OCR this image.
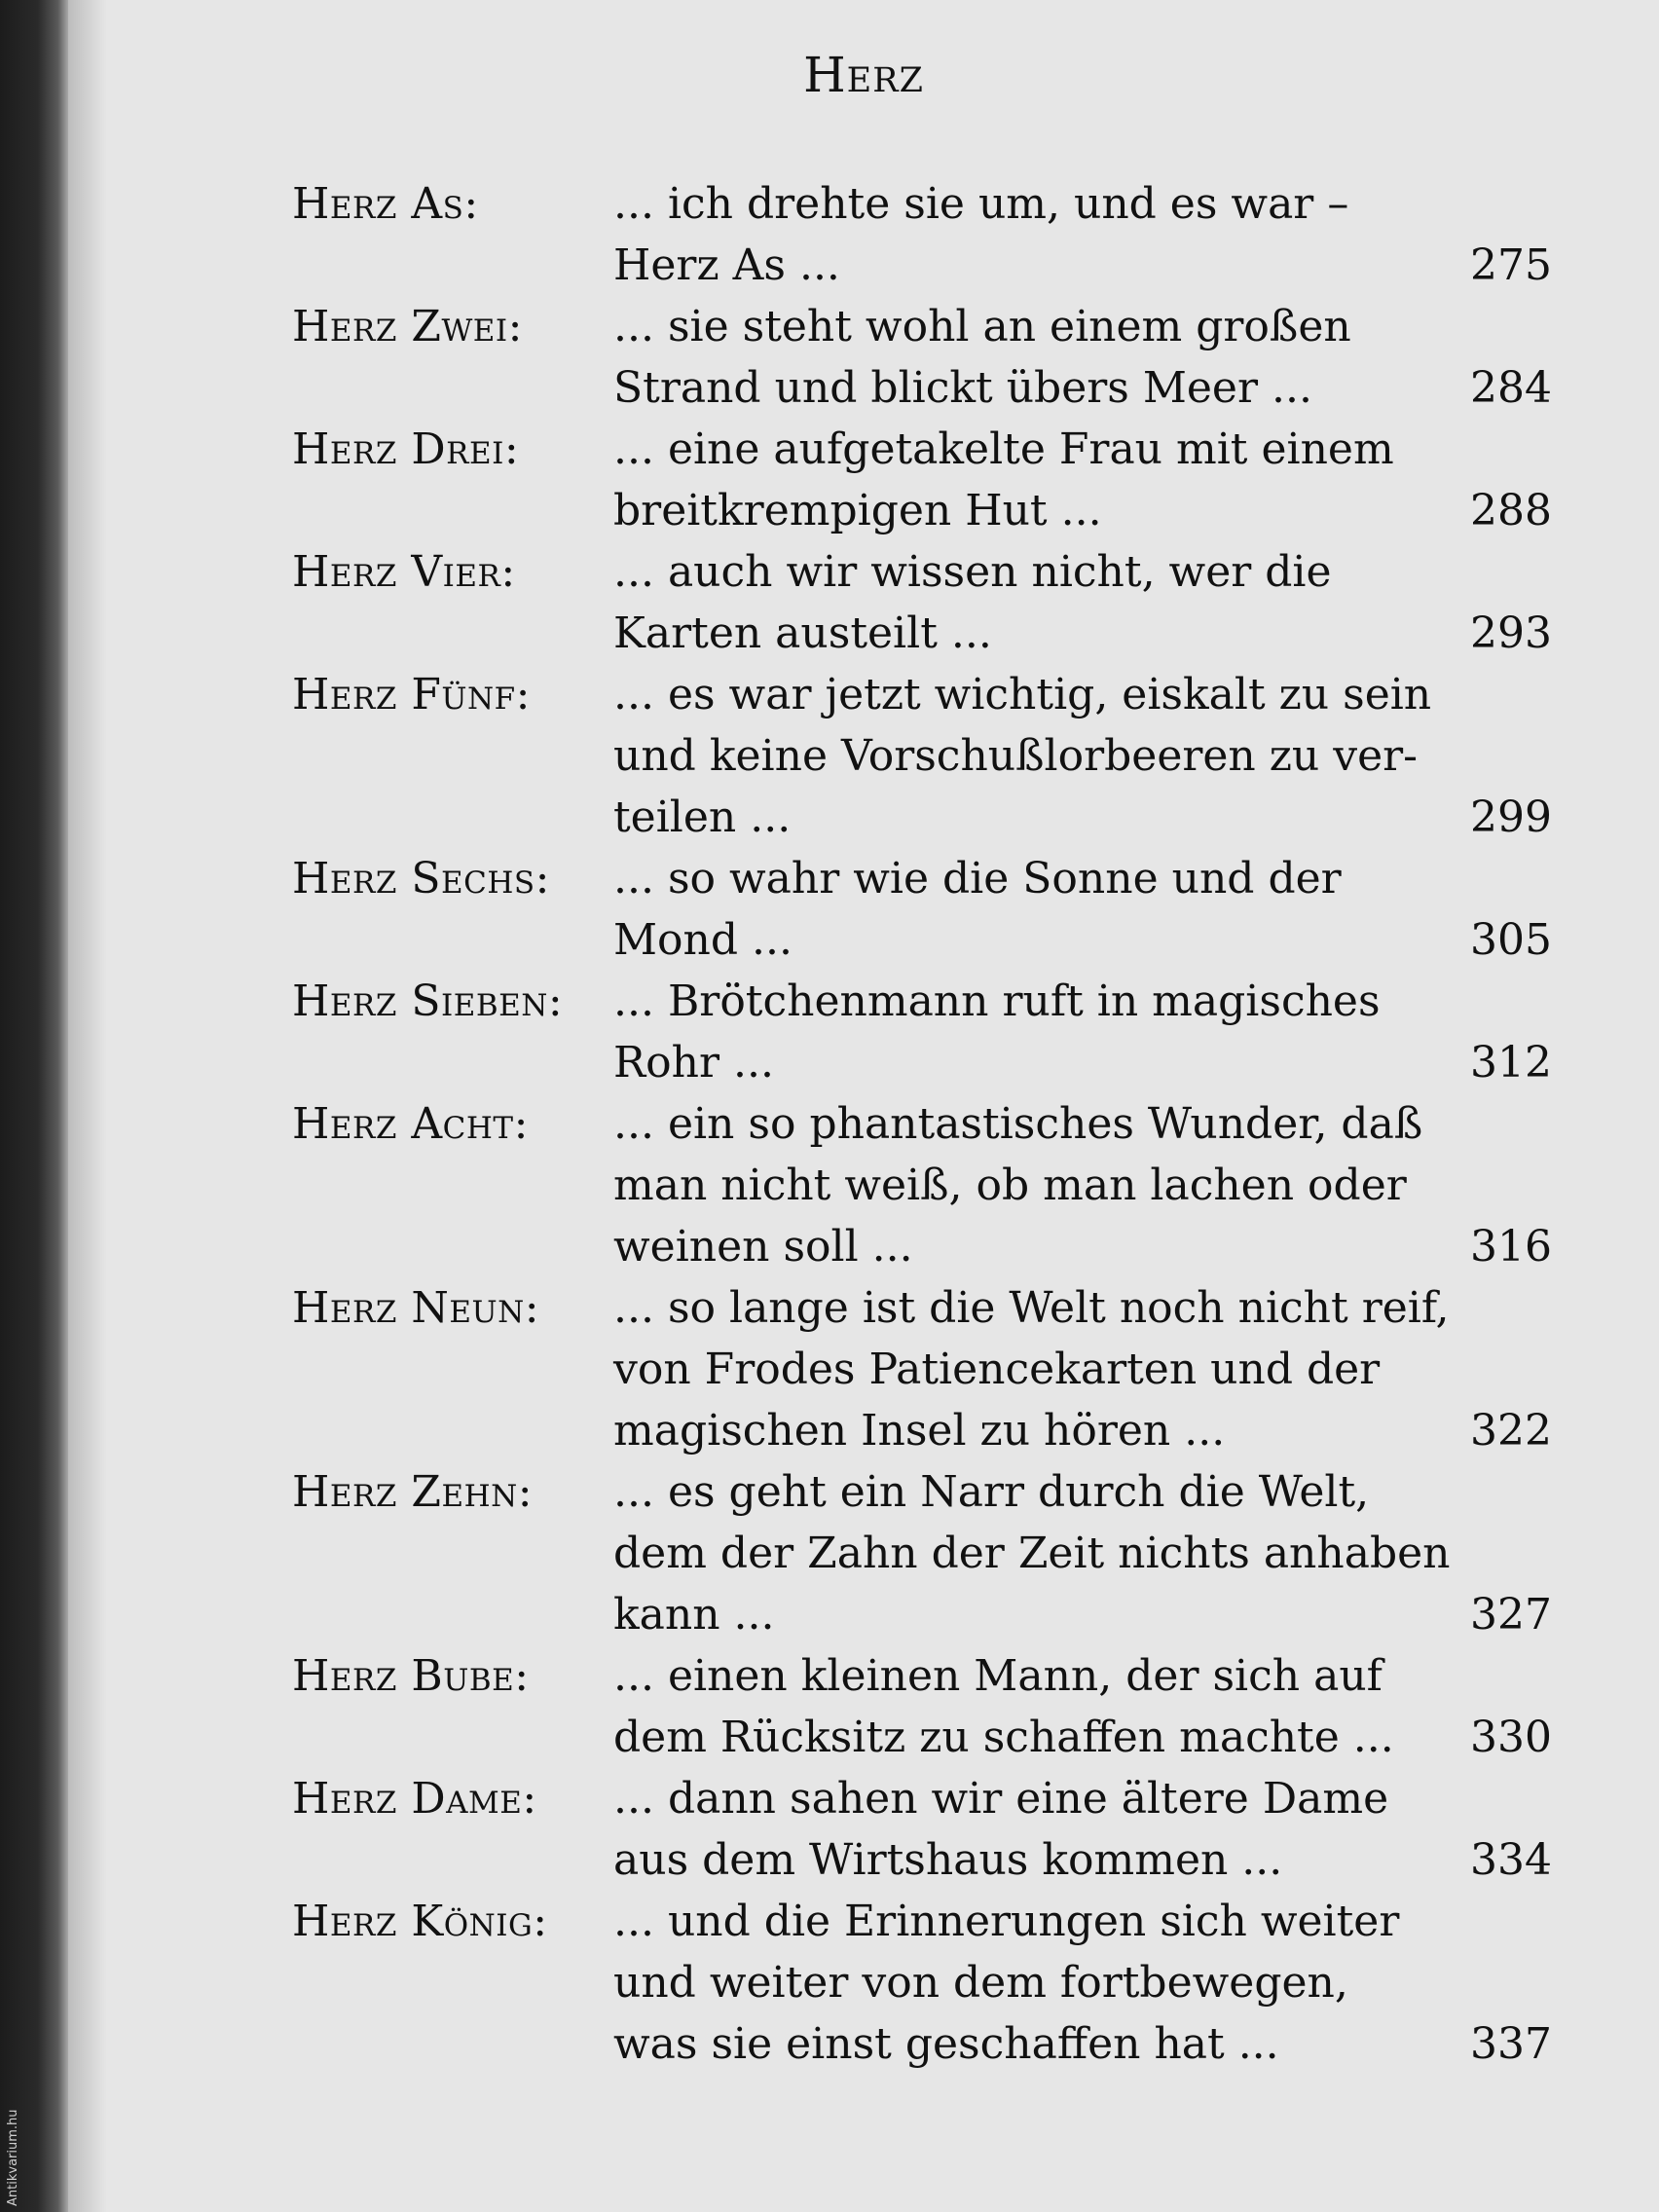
Herz
Herz As:	... ich drehte sie um, und es war –
Herz As ...	275
Herz Zwei:	... sie steht wohl an einem großen
Strand und blickt übers Meer ...	284
Herz Drei:	... eine aufgetakelte Frau mit einem
breitkrempigen Hut ...	288
Herz Vier:	... auch wir wissen nicht, wer die
Karten austeilt ...	293
Herz Fünf:	... es war jetzt wichtig, eiskalt zu sein
und keine Vorschußlorbeeren zu ver-
teilen ...	299
Herz Sechs:	... so wahr wie die Sonne und der
Mond ...	305
Herz Sieben:	... Brötchenmann ruft in magisches
Rohr ...	312
Herz Acht:	... ein so phantastisches Wunder, daß
man nicht weiß, ob man lachen oder
weinen soll ...	316
Herz Neun:	... so lange ist die Welt noch nicht reif,
von Frodes Patiencekarten und der
magischen Insel zu hören ...	322
Herz Zehn:	... es geht ein Narr durch die Welt,
dem der Zahn der Zeit nichts anhaben
kann ...	327
Herz Bube:	... einen kleinen Mann, der sich auf
dem Rücksitz zu schaffen machte ...	330
Herz Dame:	... dann sahen wir eine ältere Dame
aus dem Wirtshaus kommen ...	334
Herz König:	... und die Erinnerungen sich weiter
und weiter von dem fortbewegen,
was sie einst geschaffen hat ...	337
Antikvarium.hu
